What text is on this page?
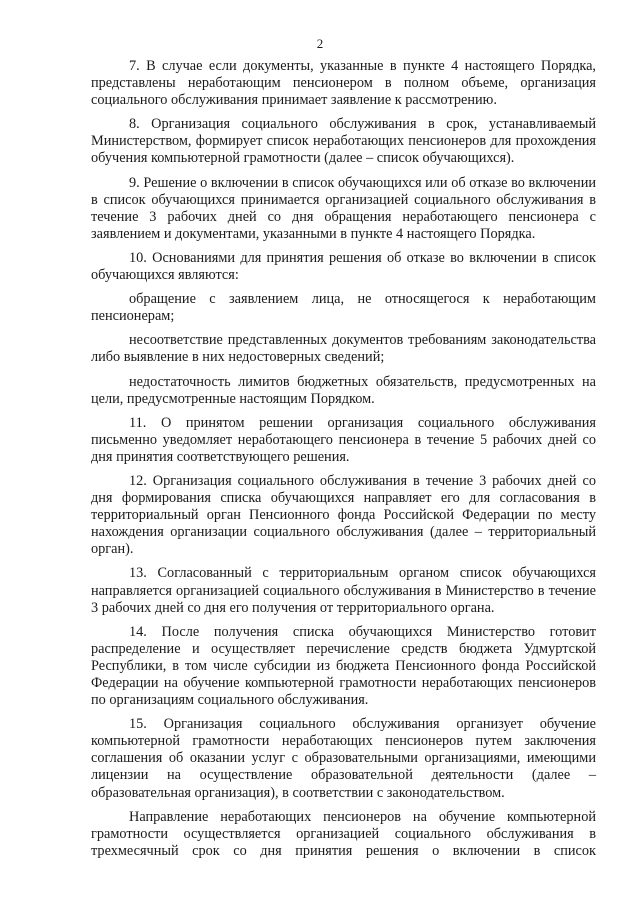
2

7. В случае если документы, указанные в пункте 4 настоящего Порядка, представлены неработающим пенсионером в полном объеме, организация социального обслуживания принимает заявление к рассмотрению.

8. Организация социального обслуживания в срок, устанавливаемый Министерством, формирует список неработающих пенсионеров для прохождения обучения компьютерной грамотности (далее – список обучающихся).

9. Решение о включении в список обучающихся или об отказе во включении в список обучающихся принимается организацией социального обслуживания в течение 3 рабочих дней со дня обращения неработающего пенсионера с заявлением и документами, указанными в пункте 4 настоящего Порядка.

10. Основаниями для принятия решения об отказе во включении в список обучающихся являются:

обращение с заявлением лица, не относящегося к неработающим пенсионерам;

несоответствие представленных документов требованиям законодательства либо выявление в них недостоверных сведений;

недостаточность лимитов бюджетных обязательств, предусмотренных на цели, предусмотренные настоящим Порядком.

11. О принятом решении организация социального обслуживания письменно уведомляет неработающего пенсионера в течение 5 рабочих дней со дня принятия соответствующего решения.

12. Организация социального обслуживания в течение 3 рабочих дней со дня формирования списка обучающихся направляет его для согласования в территориальный орган Пенсионного фонда Российской Федерации по месту нахождения организации социального обслуживания (далее – территориальный орган).

13. Согласованный с территориальным органом список обучающихся направляется организацией социального обслуживания в Министерство в течение 3 рабочих дней со дня его получения от территориального органа.

14. После получения списка обучающихся Министерство готовит распределение и осуществляет перечисление средств бюджета Удмуртской Республики, в том числе субсидии из бюджета Пенсионного фонда Российской Федерации на обучение компьютерной грамотности неработающих пенсионеров по организациям социального обслуживания.

15. Организация социального обслуживания организует обучение компьютерной грамотности неработающих пенсионеров путем заключения соглашения об оказании услуг с образовательными организациями, имеющими лицензии на осуществление образовательной деятельности (далее – образовательная организация), в соответствии с законодательством.

Направление неработающих пенсионеров на обучение компьютерной грамотности осуществляется организацией социального обслуживания в трехмесячный срок со дня принятия решения о включении в список
